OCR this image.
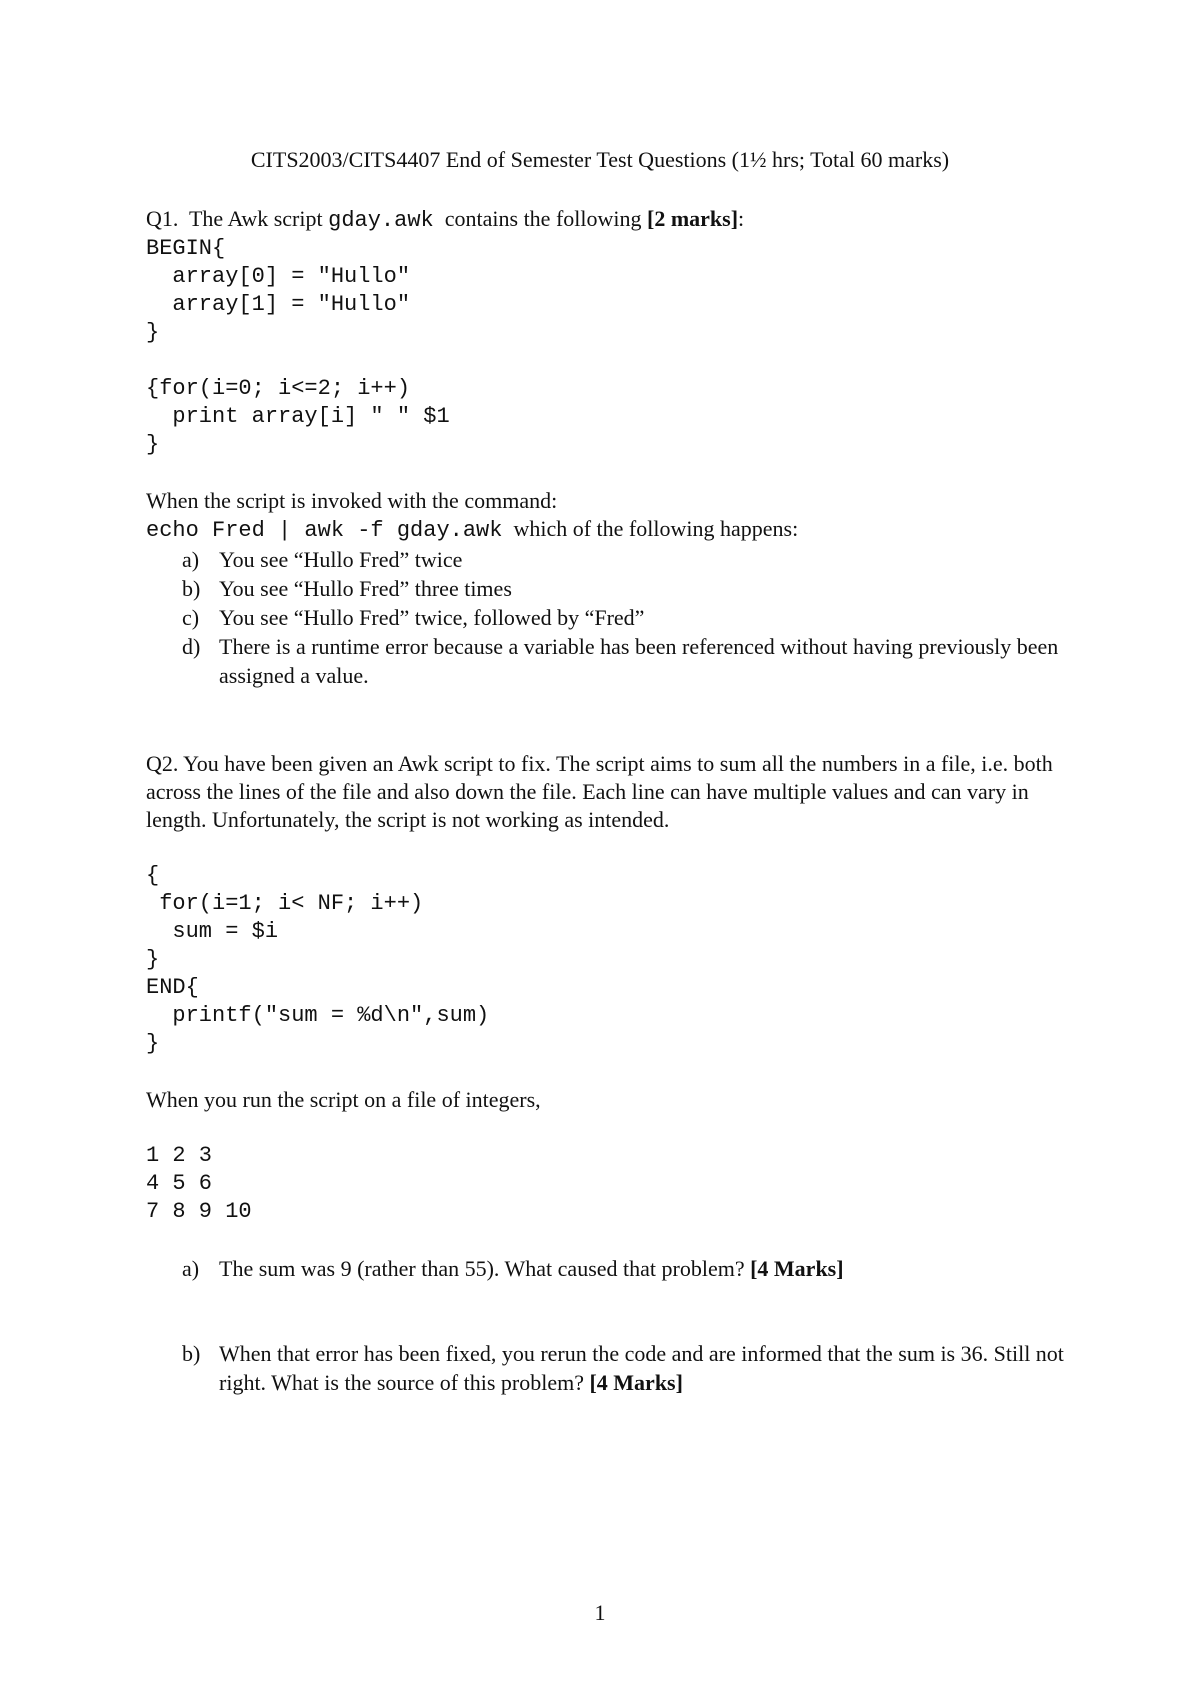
CITS2003/CITS4407 End of Semester Test Questions (1½ hrs; Total 60 marks)
Q1.  The Awk script gday.awk  contains the following [2 marks]:
BEGIN{
array[0] = "Hullo"
array[1] = "Hullo"
}
{for(i=0; i<=2; i++)
print array[i] " " $1
}
When the script is invoked with the command:
echo Fred | awk -f gday.awk  which of the following happens:
a) You see “Hullo Fred” twice
b) You see “Hullo Fred” three times
c) You see “Hullo Fred” twice, followed by “Fred”
d) There is a runtime error because a variable has been referenced without having previously been assigned a value.
Q2. You have been given an Awk script to fix. The script aims to sum all the numbers in a file, i.e. both across the lines of the file and also down the file. Each line can have multiple values and can vary in length. Unfortunately, the script is not working as intended.
{
for(i=1; i< NF; i++)
sum = $i
}
END{
printf("sum = %d\n",sum)
}
When you run the script on a file of integers,
1 2 3
4 5 6
7 8 9 10
a) The sum was 9 (rather than 55). What caused that problem? [4 Marks]
b) When that error has been fixed, you rerun the code and are informed that the sum is 36. Still not right. What is the source of this problem? [4 Marks]
1
